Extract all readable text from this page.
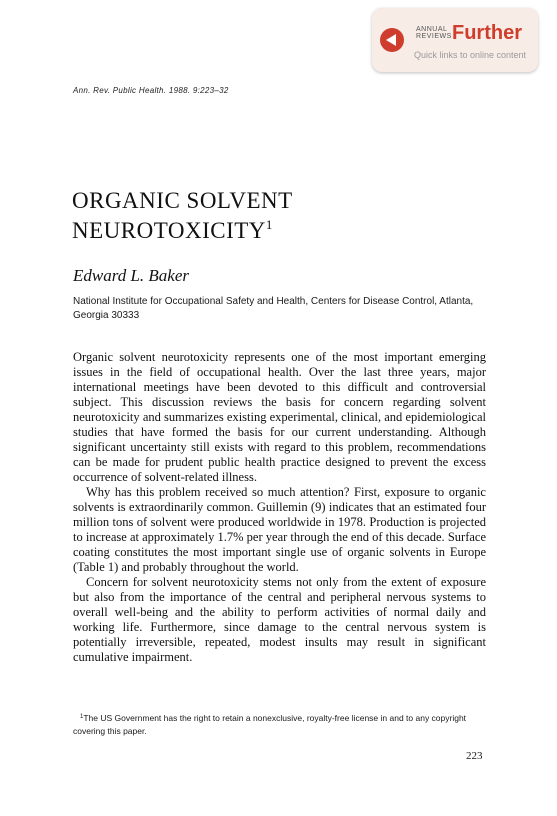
ANNUAL
REVIEWS Further
Quick links to online content
Ann. Rev. Public Health. 1988. 9:223–32
ORGANIC SOLVENT
NEUROTOXICITY$^1$
Edward L. Baker
National Institute for Occupational Safety and Health, Centers for Disease Control, Atlanta, Georgia 30333

Organic solvent neurotoxicity represents one of the most important emerging issues in the field of occupational health. Over the last three years, major international meetings have been devoted to this difficult and controversial subject. This discussion reviews the basis for concern regarding solvent neurotoxicity and summarizes existing experimental, clinical, and epidemiological studies that have formed the basis for our current understanding. Although significant uncertainty still exists with regard to this problem, recommendations can be made for prudent public health practice designed to prevent the excess occurrence of solvent-related illness.

Why has this problem received so much attention? First, exposure to organic solvents is extraordinarily common. Guillemin (9) indicates that an estimated four million tons of solvent were produced worldwide in 1978. Production is projected to increase at approximately 1.7% per year through the end of this decade. Surface coating constitutes the most important single use of organic solvents in Europe (Table 1) and probably throughout the world.

Concern for solvent neurotoxicity stems not only from the extent of exposure but also from the importance of the central and peripheral nervous systems to overall well-being and the ability to perform activities of normal daily and working life. Furthermore, since damage to the central nervous system is potentially irreversible, repeated, modest insults may result in significant cumulative impairment.

$^1$The US Government has the right to retain a nonexclusive, royalty-free license in and to any copyright covering this paper.
223
